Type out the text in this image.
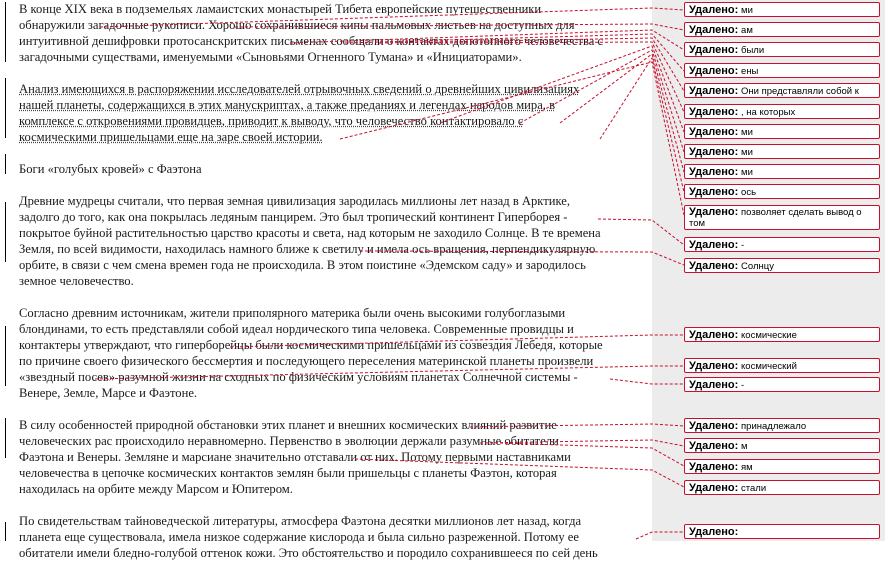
В конце XIX века в подземельях ламаистских монастырей Тибета европейские путешественники
обнаружили загадочные рукописи. Хорошо сохранившиеся кипы пальмовых листьев на доступных для
интуитивной дешифровки протосанскритских письменах сообщали о контактах допотопного человечества с
загадочными существами, именуемыми «Сыновьями Огненного Тумана» и «Инициаторами».
Анализ имеющихся в распоряжении исследователей отрывочных сведений о древнейших цивилизациях
нашей планеты, содержащихся в этих манускриптах, а также преданиях и легендах народов мира, в
комплексе с откровениями провидцев, приводит к выводу, что человечество контактировало с
космическими пришельцами еще на заре своей истории.
Боги «голубых кровей» с Фаэтона
Древние мудрецы считали, что первая земная цивилизация зародилась миллионы лет назад в Арктике,
задолго до того, как она покрылась ледяным панцирем. Это был тропический континент Гиперборея -
покрытое буйной растительностью царство красоты и света, над которым не заходило Солнце. В те времена
Земля, по всей видимости, находилась намного ближе к светилу и имела ось вращения, перпендикулярную
орбите, в связи с чем смена времен года не происходила. В этом поистине «Эдемском саду» и зародилось
земное человечество.
Согласно древним источникам, жители приполярного материка были очень высокими голубоглазыми
блондинами, то есть представляли собой идеал нордического типа человека. Современные провидцы и
контактеры утверждают, что гиперборейцы были космическими пришельцами из созвездия Лебедя, которые
по причине своего физического бессмертия и последующего переселения материнской планеты произвели
«звездный посев» разумной жизни на сходных по физическим условиям планетах Солнечной системы -
Венере, Земле, Марсе и Фаэтоне.
В силу особенностей природной обстановки этих планет и внешних космических влияний развитие
человеческих рас происходило неравномерно. Первенство в эволюции держали разумные обитатели
Фаэтона и Венеры. Земляне и марсиане значительно отставали от них. Потому первыми наставниками
человечества в цепочке космических контактов землян были пришельцы с планеты Фаэтон, которая
находилась на орбите между Марсом и Юпитером.
По свидетельствам тайноведческой литературы, атмосфера Фаэтона десятки миллионов лет назад, когда
планета еще существовала, имела низкое содержание кислорода и была сильно разреженной. Потому ее
обитатели имели бледно-голубой оттенок кожи. Это обстоятельство и породило сохранившееся по сей день
Удалено: ми
Удалено: ам
Удалено: были
Удалено: ены
Удалено: Они представляли собой к
Удалено: , на которых
Удалено: ми
Удалено: ми
Удалено: ми
Удалено: ось
Удалено: позволяет сделать вывод о том
Удалено: -
Удалено: Солнцу
Удалено: космические
Удалено: космический
Удалено: -
Удалено: принадлежало
Удалено: м
Удалено: ям
Удалено: стали
Удалено:
